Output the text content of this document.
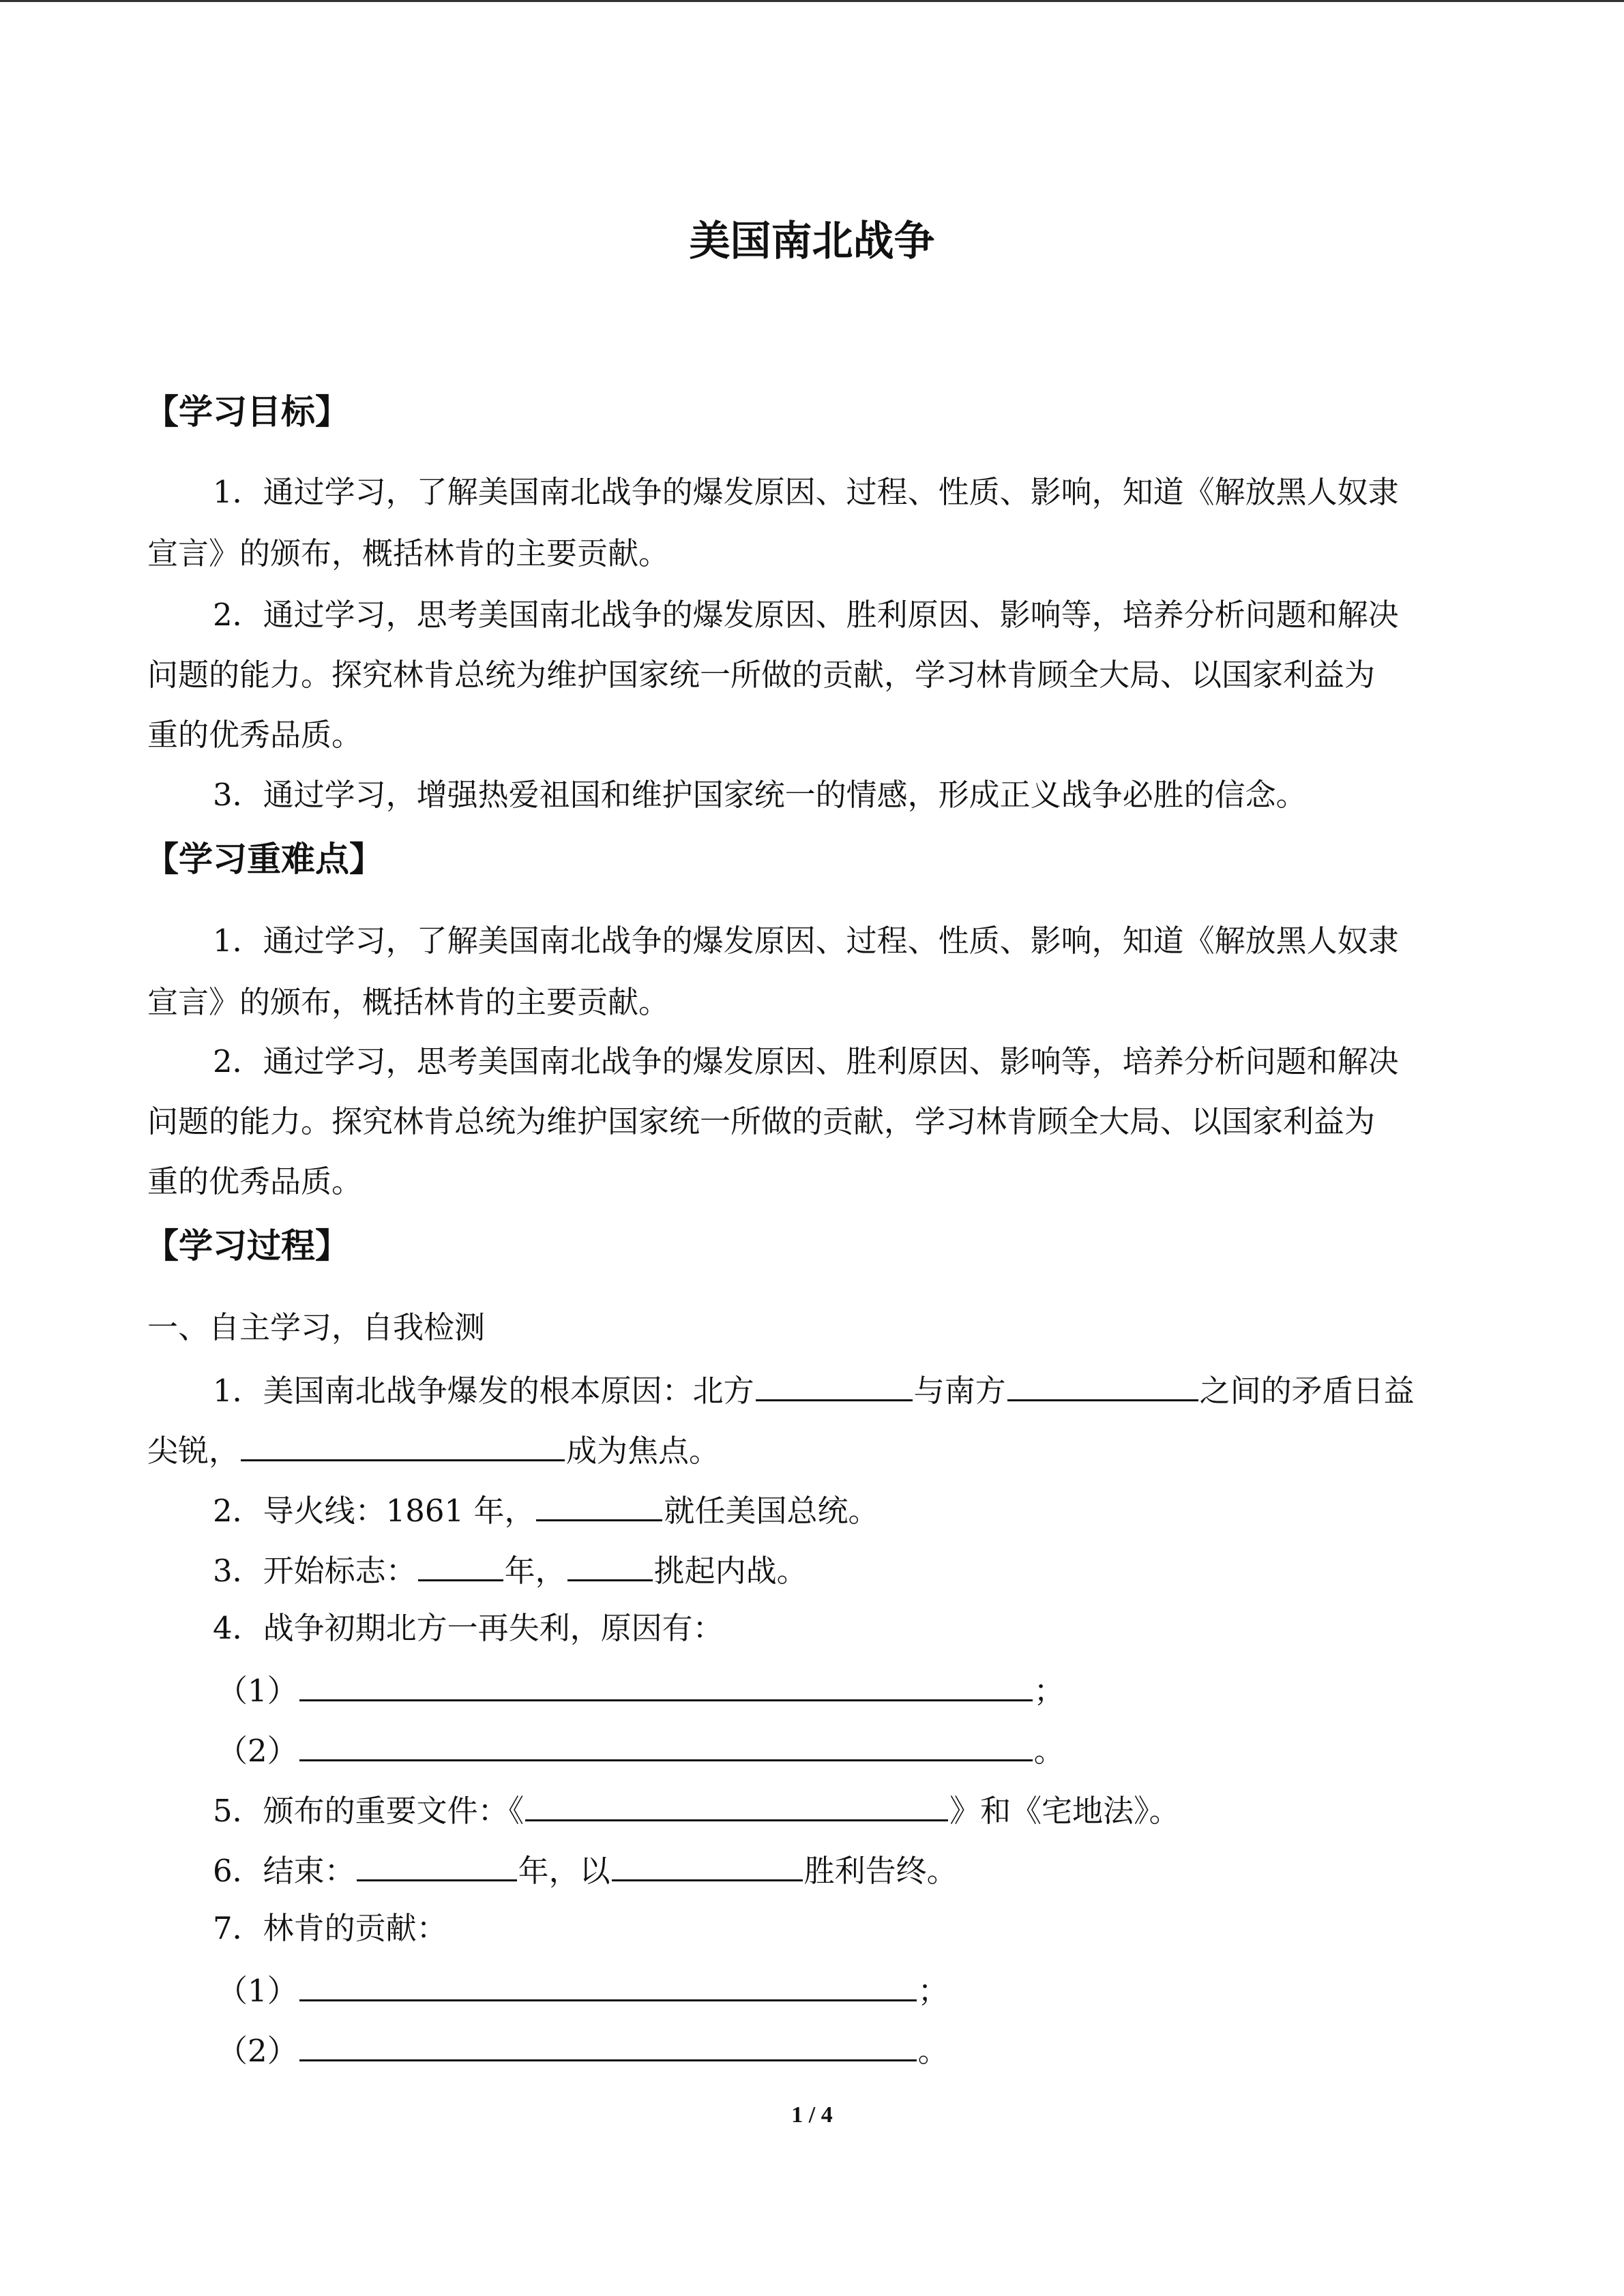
美国南北战争
【学习目标】
1．通过学习，了解美国南北战争的爆发原因、过程、性质、影响，知道《解放黑人奴隶
宣言》的颁布，概括林肯的主要贡献。
2．通过学习，思考美国南北战争的爆发原因、胜利原因、影响等，培养分析问题和解决
问题的能力。探究林肯总统为维护国家统一所做的贡献，学习林肯顾全大局、以国家利益为
重的优秀品质。
3．通过学习，增强热爱祖国和维护国家统一的情感，形成正义战争必胜的信念。
【学习重难点】
1．通过学习，了解美国南北战争的爆发原因、过程、性质、影响，知道《解放黑人奴隶
宣言》的颁布，概括林肯的主要贡献。
2．通过学习，思考美国南北战争的爆发原因、胜利原因、影响等，培养分析问题和解决
问题的能力。探究林肯总统为维护国家统一所做的贡献，学习林肯顾全大局、以国家利益为
重的优秀品质。
【学习过程】
一、自主学习，自我检测
1．美国南北战争爆发的根本原因：北方	与南方	之间的矛盾日益
尖锐，	成为焦点。
2．导火线：1861 年，	就任美国总统。
3．开始标志：	年，	挑起内战。
4．战争初期北方一再失利，原因有：
（1）	；
（2）	。
5．颁布的重要文件：《	》和《宅地法》。
6．结束：	年，以	胜利告终。
7．林肯的贡献：
（1）	；
（2）	。
1 / 4
